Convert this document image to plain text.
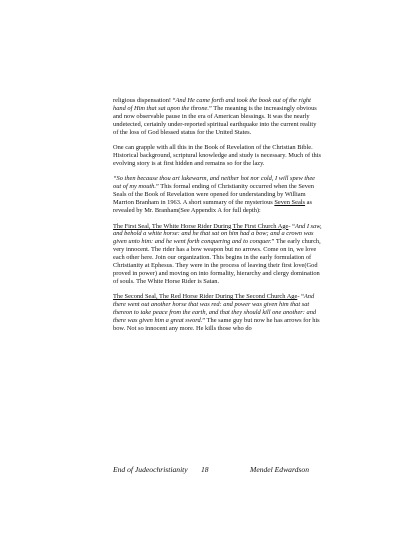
religious dispensation! “And He came forth and took the book out of the right hand of Him that sat upon the throne.” The meaning is the increasingly obvious and now observable pause in the era of American blessings. It was the nearly undetected, certainly under-reported spiritual earthquake into the current reality of the loss of God blessed status for the United States.

One can grapple with all this in the Book of Revelation of the Christian Bible. Historical background, scriptural knowledge and study is necessary. Much of this evolving story is at first hidden and remains so for the lazy.

“So then because thou art lukewarm, and neither hot nor cold, I will spew thee out of my mouth.” This formal ending of Christianity occurred when the Seven Seals of the Book of Revelation were opened for understanding by William Marrion Branham in 1963. A short summary of the mysterious Seven Seals as revealed by Mr. Branham(See Appendix A for full depth):

The First Seal, The White Horse Rider During The First Church Age- “And I saw, and behold a white horse: and he that sat on him had a bow; and a crown was given unto him: and he went forth conquering and to conquer.” The early church, very innocent. The rider has a bow weapon but no arrows. Come on in, we love each other here. Join our organization. This begins in the early formulation of Christianity at Ephesus. They were in the process of leaving their first love(God proved in power) and moving on into formality, hierarchy and clergy domination of souls. The White Horse Rider is Satan.

The Second Seal, The Red Horse Rider During The Second Church Age- “And there went out another horse that was red: and power was given him that sat thereon to take peace from the earth, and that they should kill one another: and there was given him a great sword.” The same guy but now he has arrows for his bow. Not so innocent any more. He kills those who do

End of Judeochristianity 18	Mendel Edwardson
